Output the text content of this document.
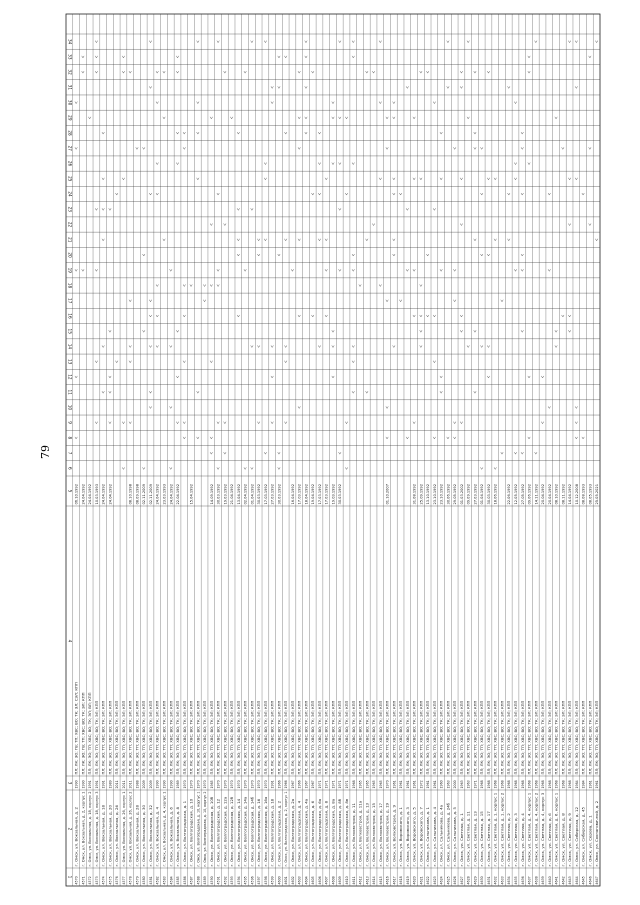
1
2
3
4
5
6
7
8
9
10
11
12
13
14
15
16
17
18
19
20
21
22
23
24
25
26
27
28
29
30
31
32
33
34
4570
г. Омск, ул. Вокзальная, д. 2
1990
ПЛ; ЛК; ЭО; ГВ; ТП; ХВС; ВО; ТК; ЭЛ; СЭЛ; КПП
06.10.1992
4571
г. Омск, ул. Вокзальная, д. 2, корпус 1
1990
ПЛ; ЛК; ЭО; ГВ; ТП; ХВС; ВО; ТК; ЭЛ; КПП
24.04.1992
4572
г. Омск, ул. Вокзальная, д. 18, корпус 2
1991
ПЛ; ЛК; ЭО; ТП; ХВС; ВО; ТК; ЭЛ; ВЛ; КПП
24.04.1992
4573
г. Омск, ул. Вокзальная, д. 18, корпус 3
1991
ПЛ; ЛК; ЭО; ТП; ХВС; ВО; ТК; ЭЛ; КПП
10.03.1993
4574
г. Омск, ул. Вокзальная, д. 18
1991
ПЛ; ЛК; ЭО; ТП; ХВС; ВО; ТК; ЭЛ; КПП
24.04.1992
4575
г. Омск, ул. Вокзальная, д. 20
1989
ПЛ; ЛК; ЭО; ТП; ХВС; ВО; ТК; ЭЛ; КПП
24.04.1992
4576
г. Омск, ул. Вокзальная, д. 26
2011
ПЛ; ЛК; ЭО; ТП; ХВС; ВО; ТК; ЭЛ; КПП
4577
г. Омск, ул. Вокзальная, д. 26, корпус 1
2011
ПЛ; ЛК; ЭО; ТП; ХВС; ВО; ТК; ЭЛ; КПП
4578
г. Омск, ул. Вокзальная, д. 26, корпус 2
2011
ПЛ; ЛК; ЭО; ТП; ХВС; ВО; ТК; ЭЛ; КПП
08.10.1998
4579
г. Омск, ул. Вокзальная, д. 28
1988
ПЛ; ЛК; ЭО; ТП; ХВС; ВО; ТК; ЭЛ; КПП
08.09.1998
4580
г. Омск, ул. Вокзальная, д. 30
2009
ПЛ; ЛК; ЭО; ТП; ХВС; ВО; ТК; ЭЛ; КПП
02.11.2009
4581
г. Омск, ул. Вокзальная, д. 32
2009
ПЛ; ЛК; ЭО; ТП; ХВС; ВО; ТК; ЭЛ; КПП
02.11.2009
4582
г. Омск, ул. Вокзальная, д. 4
1990
ПЛ; ЛК; ЭО; ТП; ХВС; ВО; ТК; ЭЛ; КПП
24.04.1992
4583
г. Омск, ул. Вокзальная, д. 4, корпус 1
1990
ПЛ; ЛК; ЭО; ТП; ХВС; ВО; ТК; ЭЛ; КПП
23.03.1993
4584
г. Омск, ул. Вокзальная, д. 6
1990
ПЛ; ЛК; ЭО; ТП; ХВС; ВО; ТК; ЭЛ; КПП
24.04.1992
4585
г. Омск, ул. Вокзальная, д. 8
1989
ПЛ; ЛК; ЭО; ТП; ХВС; ВО; ТК; ЭЛ; КПП
22.04.1992
4586
г. Омск, ул. Волгоградская, д. 1
1970
ПЛ; ЛК; ЭО; ТП; ХВС; ВО; ТК; ЭЛ; КПП
4587
г. Омск, ул. Волгоградская, д. 10
1970
ПЛ; ЛК; ЭО; ТП; ХВС; ВО; ТК; ЭЛ; КПП
15.04.1992
4588
г. Омск, ул. Волгоградская, д. 10, корпус 1
1970
ПЛ; ЛК; ЭО; ТП; ХВС; ВО; ТК; ЭЛ; КПП
4589
г. Омск, ул. Волгоградская, д. 10, корпус 2
1970
ПЛ; ЛК; ЭО; ТП; ХВС; ВО; ТК; ЭЛ; КПП
4590
г. Омск, ул. Волгоградская, д. 10б
1985
ПЛ; ЛК; ЭО; ТП; ХВС; ВО; ТК; ЭЛ; КПП
14.09.1992
4591
г. Омск, ул. Волгоградская, д. 12
1970
ПЛ; ЛК; ЭО; ТП; ХВС; ВО; ТК; ЭЛ; КПП
30.03.1992
4592
г. Омск, ул. Волгоградская, д. 12а
1970
ПЛ; ЛК; ЭО; ТП; ХВС; ВО; ТК; ЭЛ; КПП
19.03.1992
4593
г. Омск, ул. Волгоградская, д. 12б
1970
ПЛ; ЛК; ЭО; ТП; ХВС; ВО; ТК; ЭЛ; КПП
21.04.1992
4594
г. Омск, ул. Волгоградская, д. 14
1970
ПЛ; ЛК; ЭО; ТП; ХВС; ВО; ТК; ЭЛ; КПП
13.04.1992
4595
г. Омск, ул. Волгоградская, д. 14а
1970
ПЛ; ЛК; ЭО; ТП; ХВС; ВО; ТК; ЭЛ; КПП
02.04.1992
4596
г. Омск, ул. Волгоградская, д. 14б
1970
ПЛ; ЛК; ЭО; ТП; ХВС; ВО; ТК; ЭЛ; КПП
01.04.1992
4597
г. Омск, ул. Волгоградская, д. 16
1970
ПЛ; ЛК; ЭО; ТП; ХВС; ВО; ТК; ЭЛ; КПП
30.03.1992
4598
г. Омск, ул. Волгоградская, д. 16а
1970
ПЛ; ЛК; ЭО; ТП; ХВС; ВО; ТК; ЭЛ; КПП
17.03.1992
4599
г. Омск, ул. Волгоградская, д. 18
1991
ПЛ; ЛК; ЭО; ТП; ХВС; ВО; ТК; ЭЛ; КПП
27.03.1992
4600
г. Омск, ул. Волгоградская, д. 2
1966
ПЛ; ЛК; ЭО; ТП; ХВС; ВО; ТК; ЭЛ; КПП
30.03.1992
4601
г. Омск, ул. Волгоградская, д. 2, корпус 1
1966
ПЛ; ЛК; ЭО; ТП; ХВС; ВО; ТК; ЭЛ; КПП
4602
г. Омск, ул. Волгоградская, д. 2а
1967
ПЛ; ЛК; ЭО; ТП; ХВС; ВО; ТК; ЭЛ; КПП
16.04.1992
4603
г. Омск, ул. Волгоградская, д. 4
1966
ПЛ; ЛК; ЭО; ТП; ХВС; ВО; ТК; ЭЛ; КПП
17.03.1992
4604
г. Омск, ул. Волгоградская, д. 4а
1967
ПЛ; ЛК; ЭО; ТП; ХВС; ВО; ТК; ЭЛ; КПП
18.04.1992
4605
г. Омск, ул. Волгоградская, д. 6
1967
ПЛ; ЛК; ЭО; ТП; ХВС; ВО; ТК; ЭЛ; КПП
19.04.1992
4606
г. Омск, ул. Волгоградская, д. 6а
1971
ПЛ; ЛК; ЭО; ТП; ХВС; ВО; ТК; ЭЛ; КПП
17.03.1992
4607
г. Омск, ул. Волгоградская, д. 8
1971
ПЛ; ЛК; ЭО; ТП; ХВС; ВО; ТК; ЭЛ; КПП
17.03.1992
4608
г. Омск, ул. Волгоградская, д. 8а
1971
ПЛ; ЛК; ЭО; ТП; ХВС; ВО; ТК; ЭЛ; КПП
19.03.1992
4609
г. Омск, ул. Волгоградская, д. 8б
1971
ПЛ; ЛК; ЭО; ТП; ХВС; ВО; ТК; ЭЛ; КПП
30.03.1992
4610
г. Омск, ул. Волгоградская, д. 8в
1971
ПЛ; ЛК; ЭО; ТП; ХВС; ВО; ТК; ЭЛ; КПП
4611
г. Омск, ул. Волховстроя, д. 11
1968
ПЛ; ЛК; ЭО; ТП; ХВС; ВО; ТК; ЭЛ; КПП
4612
г. Омск, ул. Волховстроя, д. 11а
1965
ПЛ; ЛК; ЭО; ТП; ХВС; ВО; ТК; ЭЛ; КПП
4613
г. Омск, ул. Волховстроя, д. 13
1965
ПЛ; ЛК; ЭО; ТП; ХВС; ВО; ТК; ЭЛ; КПП
4614
г. Омск, ул. Волховстроя, д. 15
1965
ПЛ; ЛК; ЭО; ТП; ХВС; ВО; ТК; ЭЛ; КПП
4615
г. Омск, ул. Волховстроя, д. 17
1965
ПЛ; ЛК; ЭО; ТП; ХВС; ВО; ТК; ЭЛ; КПП
4616
г. Омск, ул. Волховстроя, д. 19
1970
ПЛ; ЛК; ЭО; ТП; ХВС; ВО; ТК; ЭЛ; КПП
01.10.2007
4617
г. Омск, ул. Волховстроя, д. 9
1961
ПЛ; ЛК; ЭО; ТП; ХВС; ВО; ТК; ЭЛ; КПП
4618
г. Омск, ул. Воровского, д. 1
1961
ПЛ; ЛК; ЭО; ТП; ХВС; ВО; ТК; ЭЛ; КПП
4619
г. Омск, ул. Воровского, д. 3
1961
ПЛ; ЛК; ЭО; ТП; ХВС; ВО; ТК; ЭЛ; КПП
4620
г. Омск, ул. Воровского, д. 5
1961
ПЛ; ЛК; ЭО; ТП; ХВС; ВО; ТК; ЭЛ; КПП
31.08.1992
4621
г. Омск, ул. Воровского, д. 7
1972
ПЛ; ЛК; ЭО; ТП; ХВС; ВО; ТК; ЭЛ; КПП
25.09.1992
4622
г. Омск, ул. Сальникова, д. 1
1961
ПЛ; ЛК; ЭО; ТП; ХВС; ВО; ТК; ЭЛ; КПП
13.10.1992
4623
г. Омск, ул. Сальникова, д. 4
1961
ПЛ; ЛК; ЭО; ТП; ХВС; ВО; ТК; ЭЛ; КПП
23.10.1992
4624
г. Омск, ул. Сальникова, д. 4а
1960
ПЛ; ЛК; ЭО; ТП; ХВС; ВО; ТК; ЭЛ; КПП
23.10.1992
4625
г. Омск, ул. Сальникова, д. 24б
1963
ПЛ; ЛК; ЭО; ТП; ХВС; ВО; ТК; ЭЛ; КПП
30.06.1992
4626
г. Омск, ул. Сальникова, д. 5
2000
ПЛ; ЛК; ЭО; ТП; ХВС; ВО; ТК; ЭЛ; КПП
29.05.1992
4627
г. Омск, ул. Светлая, д. 1
1963
ПЛ; ЛК; ЭО; ТП; ХВС; ВО; ТК; ЭЛ; КПП
01.03.2002
4628
г. Омск, ул. Светлая, д. 11
1963
ПЛ; ЛК; ЭО; ТП; ХВС; ВО; ТК; ЭЛ; КПП
09.09.1992
4629
г. Омск, ул. Светлая, д. 13
1971
ПЛ; ЛК; ЭО; ТП; ХВС; ВО; ТК; ЭЛ; КПП
27.03.1992
4630
г. Омск, ул. Светлая, д. 15
1968
ПЛ; ЛК; ЭО; ТП; ХВС; ВО; ТК; ЭЛ; КПП
01.04.1992
4631
г. Омск, ул. Светлая, д. 17
1968
ПЛ; ЛК; ЭО; ТП; ХВС; ВО; ТК; ЭЛ; КПП
30.03.1992
4632
г. Омск, ул. Светлая, д. 1, корпус 1
1968
ПЛ; ЛК; ЭО; ТП; ХВС; ВО; ТК; ЭЛ; КПП
18.06.1992
4633
г. Омск, ул. Светлая, д. 1, корпус 2
1968
ПЛ; ЛК; ЭО; ТП; ХВС; ВО; ТК; ЭЛ; КПП
4634
г. Омск, ул. Светлая, д. 2
1968
ПЛ; ЛК; ЭО; ТП; ХВС; ВО; ТК; ЭЛ; КПП
22.06.1992
4635
г. Омск, ул. Светлая, д. 3
1968
ПЛ; ЛК; ЭО; ТП; ХВС; ВО; ТК; ЭЛ; КПП
12.05.1992
4636
г. Омск, ул. Светлая, д. 4
1968
ПЛ; ЛК; ЭО; ТП; ХВС; ВО; ТК; ЭЛ; КПП
27.05.1992
4637
г. Омск, ул. Светлая, д. 4, корпус 1
1968
ПЛ; ЛК; ЭО; ТП; ХВС; ВО; ТК; ЭЛ; КПП
09.06.1992
4638
г. Омск, ул. Светлая, д. 4, корпус 2
1968
ПЛ; ЛК; ЭО; ТП; ХВС; ВО; ТК; ЭЛ; КПП
14.11.1992
4639
г. Омск, ул. Светлая, д. 4, корпус 3
1968
ПЛ; ЛК; ЭО; ТП; ХВС; ВО; ТК; ЭЛ; КПП
20.04.1992
4640
г. Омск, ул. Светлая, д. 6
1968
ПЛ; ЛК; ЭО; ТП; ХВС; ВО; ТК; ЭЛ; КПП
20.04.1992
4641
г. Омск, ул. Светлая, д. 6, корпус 1
1968
ПЛ; ЛК; ЭО; ТП; ХВС; ВО; ТК; ЭЛ; КПП
08.10.1992
4642
г. Омск, ул. Светлая, д. 8
1968
ПЛ; ЛК; ЭО; ТП; ХВС; ВО; ТК; ЭЛ; КПП
08.11.1992
4643
г. Омск, ул. Светлая, д. 9
1968
ПЛ; ЛК; ЭО; ТП; ХВС; ВО; ТК; ЭЛ; КПП
14.04.1992
4644
г. Омск, ул. Сибирская, д. 12
1984
ПЛ; ЛК; ЭО; ТП; ХВС; ВО; ТК; ЭЛ; КПП
10.12.2008
4645
г. Омск, ул. Сибирская, д. 45
1984
ПЛ; ЛК; ЭО; ТП; ХВС; ВО; ТК; ЭЛ; КПП
08.08.1993
4646
г. Омск, ул. Серова, д. 1
1961
ПЛ; ЛК; ЭО; ТП; ХВС; ВО; ТК; ЭЛ; КПП
08.05.1993
4647
г. Омск, ул. Сохнаговичной, д. 2
1961
ПЛ; ЛК; ЭО; ТП; ХВС; ВО; ТК; ЭЛ; КПП
25.05.2021
79
